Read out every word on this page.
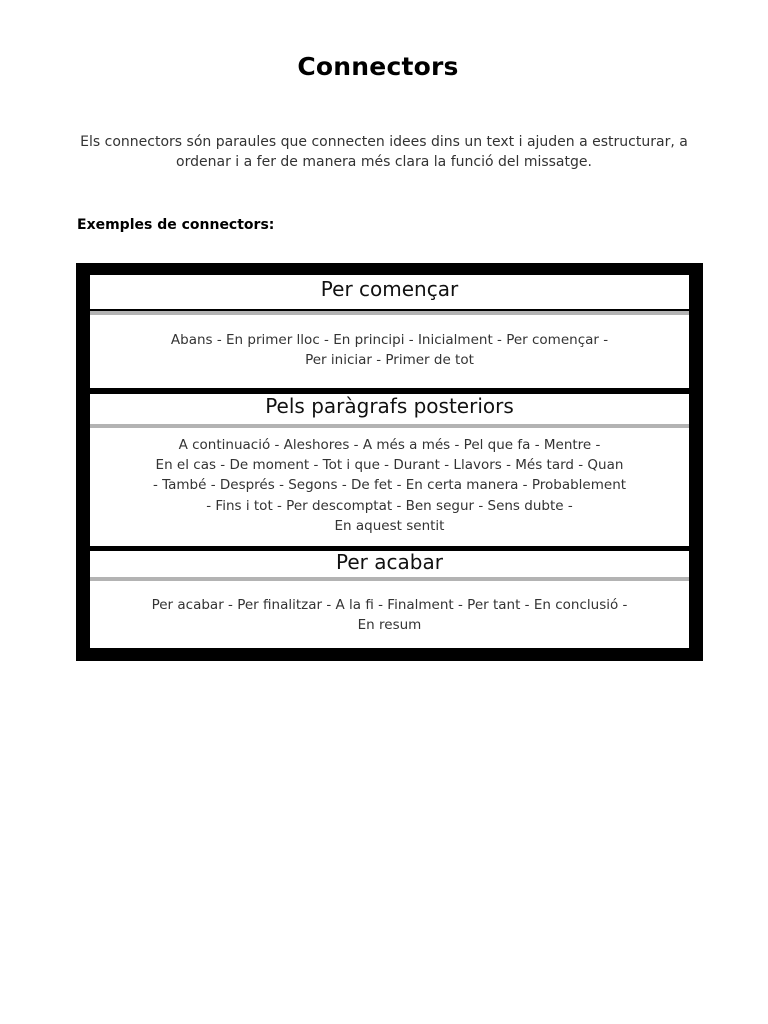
Connectors
Els connectors són paraules que connecten idees dins un text i ajuden a estructurar, a
ordenar i a fer de manera més clara la funció del missatge.
Exemples de connectors:
Per començar
Abans - En primer lloc - En principi - Inicialment - Per començar -
Per iniciar - Primer de tot
Pels paràgrafs posteriors
A continuació - Aleshores - A més a més - Pel que fa - Mentre -
En el cas - De moment - Tot i que - Durant - Llavors - Més tard - Quan
- També - Després - Segons - De fet - En certa manera - Probablement
- Fins i tot - Per descomptat - Ben segur - Sens dubte -
En aquest sentit
Per acabar
Per acabar - Per finalitzar - A la fi - Finalment - Per tant - En conclusió -
En resum
